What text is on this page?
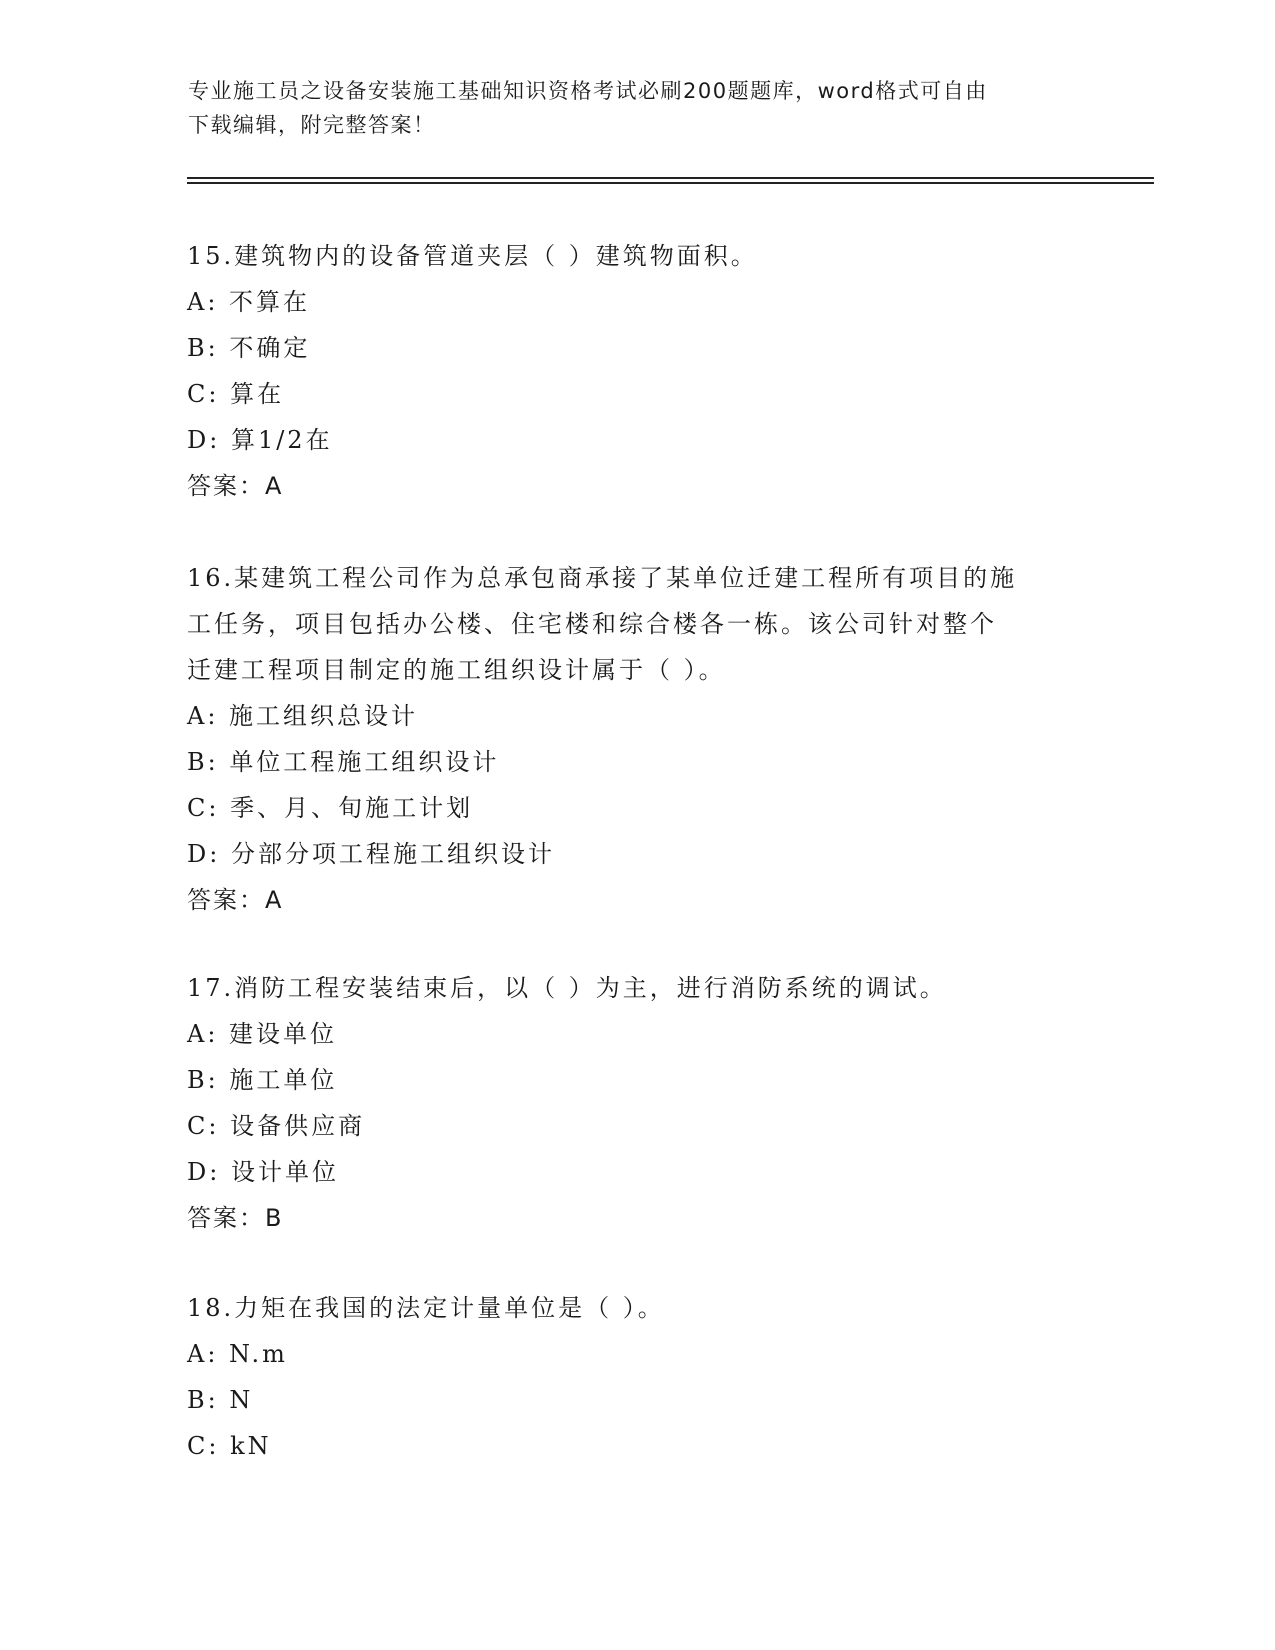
专业施工员之设备安装施工基础知识资格考试必刷200题题库，word格式可自由
下载编辑，附完整答案！
15.建筑物内的设备管道夹层（ ）建筑物面积。
A: 不算在
B: 不确定
C: 算在
D: 算1/2在
答案：A
16.某建筑工程公司作为总承包商承接了某单位迁建工程所有项目的施
工任务，项目包括办公楼、住宅楼和综合楼各一栋。该公司针对整个
迁建工程项目制定的施工组织设计属于（ ）。
A: 施工组织总设计
B: 单位工程施工组织设计
C: 季、月、旬施工计划
D: 分部分项工程施工组织设计
答案：A
17.消防工程安装结束后，以（ ）为主，进行消防系统的调试。
A: 建设单位
B: 施工单位
C: 设备供应商
D: 设计单位
答案：B
18.力矩在我国的法定计量单位是（ ）。
A: N.m
B: N
C: kN
